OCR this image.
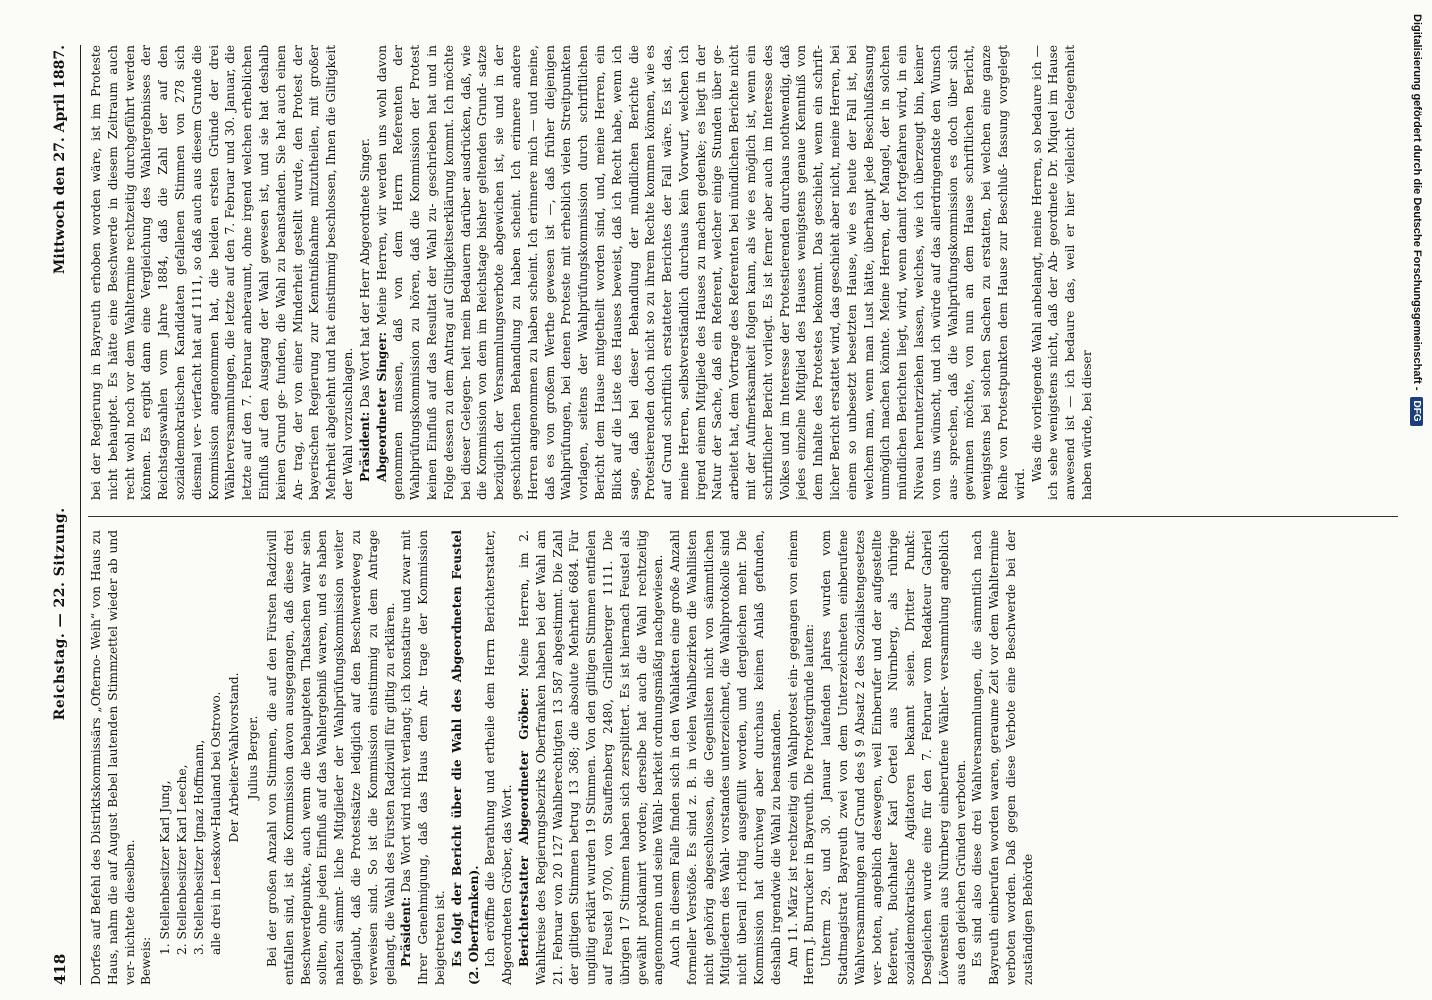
418
Reichstag. — 22. Sitzung.
Mittwoch den 27. April 1887.

Dorfes auf Befehl des Distriktskommissärs „Ofterno- Weih“ von Haus zu Haus, nahm die auf August Bebel lautenden Stimmzettel wieder ab und ver- nichtete dieselben. Beweis:

1. Stellenbesitzer Karl Jung, 2. Stellenbesitzer Karl Leeche, 3. Stellenbesitzer Ignaz Hoffmann, alle drei in Leeskow-Hauland bei Ostrowo. Der Arbeiter-Wahlvorstand. Julius Berger. Bei der großen Anzahl von Stimmen, die auf den Fürsten Radziwill entfallen sind, ist die Kommission davon ausgegangen, daß diese drei Beschwerdepunkte, auch wenn die behaupteten Thatsachen wahr sein sollten, ohne jeden Einfluß auf das Wahlergebniß waren, und es haben nahezu sämmt- liche Mitglieder der Wahlprüfungskommission weiter geglaubt, daß die Protestsätze lediglich auf den Beschwerdeweg zu verweisen sind. So ist die Kommission einstimmig zu dem Antrage gelangt, die Wahl des Fürsten Radziwill für giltig zu erklären. Präsident: Das Wort wird nicht verlangt; ich konstatire und zwar mit Ihrer Genehmigung, daß das Haus dem An- trage der Kommission beigetreten ist. Es folgt der Bericht über die Wahl des Abgeordneten Feustel (2. Oberfranken). Ich eröffne die Berathung und ertheile dem Herrn Berichterstatter, Abgeordneten Gröber, das Wort. Berichterstatter Abgeordneter Gröber: Meine Herren, im 2. Wahlkreise des Regierungsbezirks Oberfranken haben bei der Wahl am 21. Februar von 20 127 Wahlberechtigten 13 587 abgestimmt. Die Zahl der giltigen Stimmen betrug 13 368; die absolute Mehrheit 6684. Für unglitig erklärt wurden 19 Stimmen. Von den giltigen Stimmen entfielen auf Feustel 9700, von Stauffenberg 2480, Grillenberger 1111. Die übrigen 17 Stimmen haben sich zersplittert. Es ist hiernach Feustel als gewählt proklamirt worden; derselbe hat auch die Wahl rechtzeitig angenommen und seine Wähl- barkeit ordnungsmäßig nachgewiesen. Auch in diesem Falle finden sich in den Wahlakten eine große Anzahl formeller Verstöße. Es sind z. B. in vielen Wahlbezirken die Wahllisten nicht gehörig abgeschlossen, die Gegenlisten nicht von sämmtlichen Mitgliedern des Wahl- vorstandes unterzeichnet, die Wahlprotokolle sind nicht überall richtig ausgefüllt worden, und dergleichen mehr. Die Kommission hat durchweg aber durchaus keinen Anlaß gefunden, deshalb irgendwie die Wahl zu beanstanden. Am 11. März ist rechtzeitig ein Wahlprotest ein- gegangen von einem Herrn J. Burrucker in Bayreuth. Die Protestgründe lauten: Unterm 29. und 30. Januar laufenden Jahres wurden vom Stadtmagistrat Bayreuth zwei von dem Unterzeichneten einberufene Wahlversammlungen auf Grund des § 9 Absatz 2 des Sozialistengesetzes ver- boten, angeblich deswegen, weil Einberufer und der aufgestellte Referent, Buchhalter Karl Oertel aus Nürnberg, als rührige sozialdemokratische Agitatoren bekannt seien. Dritter Punkt: Desgleichen wurde eine für den 7. Februar vom Redakteur Gabriel Löwenstein aus Nürnberg einberufene Wähler- versammlung angeblich aus den gleichen Gründen verboten. Es sind also diese drei Wahlversammlungen, die sämmtlich nach Bayreuth einberufen worden waren, geraume Zeit vor dem Wahltermine verboten worden. Daß gegen diese Verbote eine Beschwerde bei der zuständigen Behörde

bei der Regierung in Bayreuth erhoben worden wäre, ist im Proteste nicht behauptet. Es hätte eine Beschwerde in diesem Zeitraum auch recht wohl noch vor dem Wahltermine rechtzeitig durchgeführt werden können. Es ergibt dann eine Vergleichung des Wahlergebnisses der Reichstagswahlen vom Jahre 1884, daß die Zahl der auf den sozialdemokratischen Kandidaten gefallenen Stimmen von 278 sich diesmal ver- vierfacht hat auf 1111, so daß auch aus diesem Grunde die Kommission angenommen hat, die beiden ersten Gründe der drei Wählerversammlungen, die letzte auf den 7. Februar und 30. Januar, die letzte auf den 7. Februar anberaumt, ohne irgend welchen erheblichen Einfluß auf den Ausgang der Wahl gewesen ist, und sie hat deshalb keinen Grund ge- funden, die Wahl zu beanstanden. Sie hat auch einen An- trag, der von einer Minderheit gestellt wurde, den Protest der bayerischen Regierung zur Kenntnißnahme mitzutheilen, mit großer Mehrheit abgelehnt und hat einstimmig beschlossen, Ihnen die Giltigkeit der Wahl vorzuschlagen. Präsident: Das Wort hat der Herr Abgeordnete Singer. Abgeordneter Singer: Meine Herren, wir werden uns wohl davon genommen müssen, daß von dem Herrn Referenten der Wahlprüfungskommission zu hören, daß die Kommission der Protest keinen Einfluß auf das Resultat der Wahl zu- geschrieben hat und in Folge dessen zu dem Antrag auf Giltigkeitserklärung kommt. Ich möchte bei dieser Gelegen- heit mein Bedauern darüber ausdrücken, daß, wie die Kommission von dem im Reichstage bisher geltenden Grund- satze bezüglich der Versammlungsverbote abgewichen ist, sie und in der geschichtlichen Behandlung zu haben scheint. Ich erinnere andere Herren angenommen zu haben scheint. Ich erinnere mich — und meine, daß es von großem Werthe gewesen ist —, daß früher diejenigen Wahlprüfungen, bei denen Proteste mit erheblich vielen Streitpunkten vorlagen, seitens der Wahlprüfungskommission durch schriftlichen Bericht dem Hause mitgetheilt worden sind, und, meine Herren, ein Blick auf die Liste des Hauses beweist, daß ich Recht habe, wenn ich sage, daß bei dieser Behandlung der mündlichen Berichte die Protestierenden doch nicht so zu ihrem Rechte kommen können, wie es auf Grund schriftlich erstatteter Berichtes der Fall wäre. Es ist das, meine Herren, selbstverständlich durchaus kein Vorwurf, welchen ich irgend einem Mitgliede des Hauses zu machen gedenke; es liegt in der Natur der Sache, daß ein Referent, welcher einige Stunden über ge- arbeitet hat, dem Vortrage des Referenten bei mündlichen Berichte nicht mit der Aufmerksamkeit folgen kann, als wie es möglich ist, wenn ein schriftlicher Bericht vorliegt. Es ist ferner aber auch im Interesse des Volkes und im Interesse der Protestierenden durchaus nothwendig, daß jedes einzelne Mitglied des Hauses wenigstens genaue Kenntniß von dem Inhalte des Protestes bekommt. Das geschieht, wenn ein schrift- licher Bericht erstattet wird, das geschieht aber nicht, meine Herren, bei einem so unbesetzt besetzten Hause, wie es heute der Fall ist, bei welchem man, wenn man Lust hätte, überhaupt jede Beschlußfassung unmöglich machen könnte. Meine Herren, der Mangel, der in solchen mündlichen Berichten liegt, wird, wenn damit fortgefahren wird, in ein Niveau herunterziehen lassen, welches, wie ich überzeugt bin, keiner von uns wünscht, und ich würde auf das allerdringendste den Wunsch aus- sprechen, daß die Wahlprüfungskommission es doch über sich gewinnen möchte, von nun an dem Hause schriftlichen Bericht, wenigstens bei solchen Sachen zu erstatten, bei welchen eine ganze Reihe von Protestpunkten dem Hause zur Beschluß- fassung vorgelegt wird.

Was die vorliegende Wahl anbelangt, meine Herren, so bedaure ich — ich sehe wenigstens nicht, daß der Ab- geordnete Dr. Miquel im Hause anwesend ist — ich bedaure das, weil er hier vielleicht Gelegenheit haben würde, bei dieser

Digitalisierung gefördert durch die Deutsche Forschungsgemeinschaft -
DFG
